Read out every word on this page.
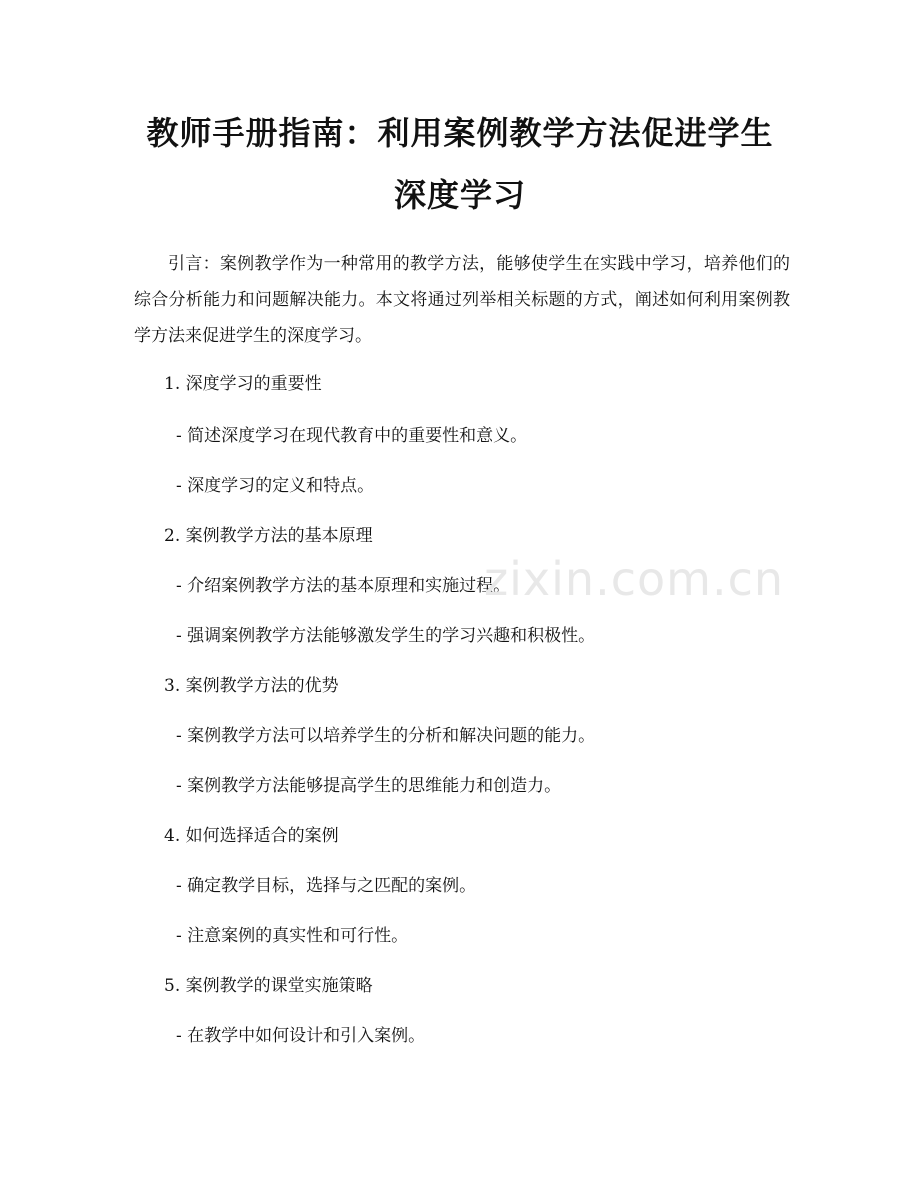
教师手册指南：利用案例教学方法促进学生
深度学习
引言：案例教学作为一种常用的教学方法，能够使学生在实践中学习，培养他们的综合分析能力和问题解决能力。本文将通过列举相关标题的方式，阐述如何利用案例教学方法来促进学生的深度学习。
1. 深度学习的重要性
- 简述深度学习在现代教育中的重要性和意义。
- 深度学习的定义和特点。
2. 案例教学方法的基本原理
- 介绍案例教学方法的基本原理和实施过程。
- 强调案例教学方法能够激发学生的学习兴趣和积极性。
3. 案例教学方法的优势
- 案例教学方法可以培养学生的分析和解决问题的能力。
- 案例教学方法能够提高学生的思维能力和创造力。
4. 如何选择适合的案例
- 确定教学目标，选择与之匹配的案例。
- 注意案例的真实性和可行性。
5. 案例教学的课堂实施策略
- 在教学中如何设计和引入案例。
zixin.com.cn
